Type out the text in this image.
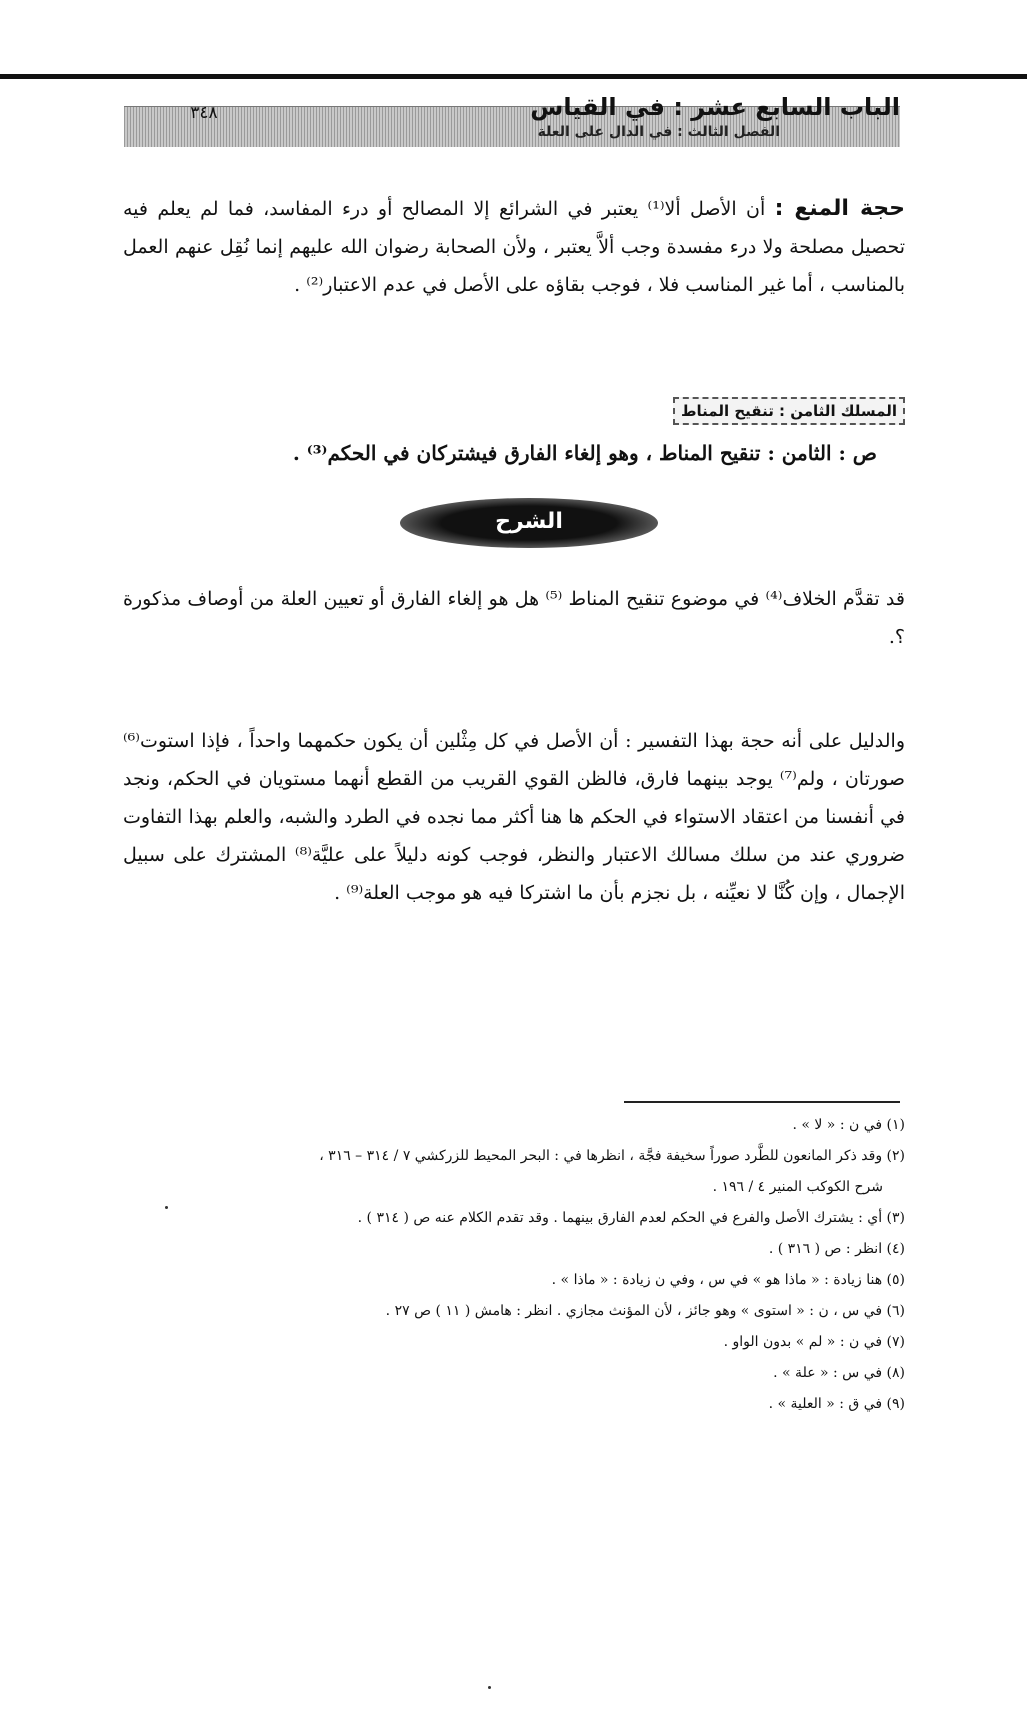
٣٤٨	الباب السابع عشر : في القياس
الفصل الثالث : في الدال على العلة
حجة المنع : أن الأصل ألا⁽¹⁾ يعتبر في الشرائع إلا المصالح أو درء المفاسد، فما لم يعلم فيه تحصيل مصلحة ولا درء مفسدة وجب ألاَّ يعتبر ، ولأن الصحابة رضوان الله عليهم إنما نُقِل عنهم العمل بالمناسب ، أما غير المناسب فلا ، فوجب بقاؤه على الأصل في عدم الاعتبار⁽²⁾ .
المسلك الثامن : تنقيح المناط
ص : الثامن : تنقيح المناط ، وهو إلغاء الفارق فيشتركان في الحكم⁽³⁾ .
الشرح
قد تقدَّم الخلاف⁽⁴⁾ في موضوع تنقيح المناط ⁽⁵⁾ هل هو إلغاء الفارق أو تعيين العلة من أوصاف مذكورة ؟.
والدليل على أنه حجة بهذا التفسير : أن الأصل في كل مِثْلين أن يكون حكمهما واحداً ، فإذا استوت⁽⁶⁾ صورتان ، ولم⁽⁷⁾ يوجد بينهما فارق، فالظن القوي القريب من القطع أنهما مستويان في الحكم، ونجد في أنفسنا من اعتقاد الاستواء في الحكم ها هنا أكثر مما نجده في الطرد والشبه، والعلم بهذا التفاوت ضروري عند من سلك مسالك الاعتبار والنظر، فوجب كونه دليلاً على عليَّة⁽⁸⁾ المشترك على سبيل الإجمال ، وإن كُنَّا لا نعيِّنه ، بل نجزم بأن ما اشتركا فيه هو موجب العلة⁽⁹⁾ .
(١) في ن : « لا » .
(٢) وقد ذكر المانعون للطَّرد صوراً سخيفة فجَّة ، انظرها في : البحر المحيط للزركشي ٧ / ٣١٤ – ٣١٦ ،
شرح الكوكب المنير ٤ / ١٩٦ .
(٣) أي : يشترك الأصل والفرع في الحكم لعدم الفارق بينهما . وقد تقدم الكلام عنه ص ( ٣١٤ ) .
(٤) انظر : ص ( ٣١٦ ) .
(٥) هنا زيادة : « ماذا هو » في س ، وفي ن زيادة : « ماذا » .
(٦) في س ، ن : « استوى » وهو جائز ، لأن المؤنث مجازي . انظر : هامش ( ١١ ) ص ٢٧ .
(٧) في ن : « لم » بدون الواو .
(٨) في س : « علة » .
(٩) في ق : « العلية » .
